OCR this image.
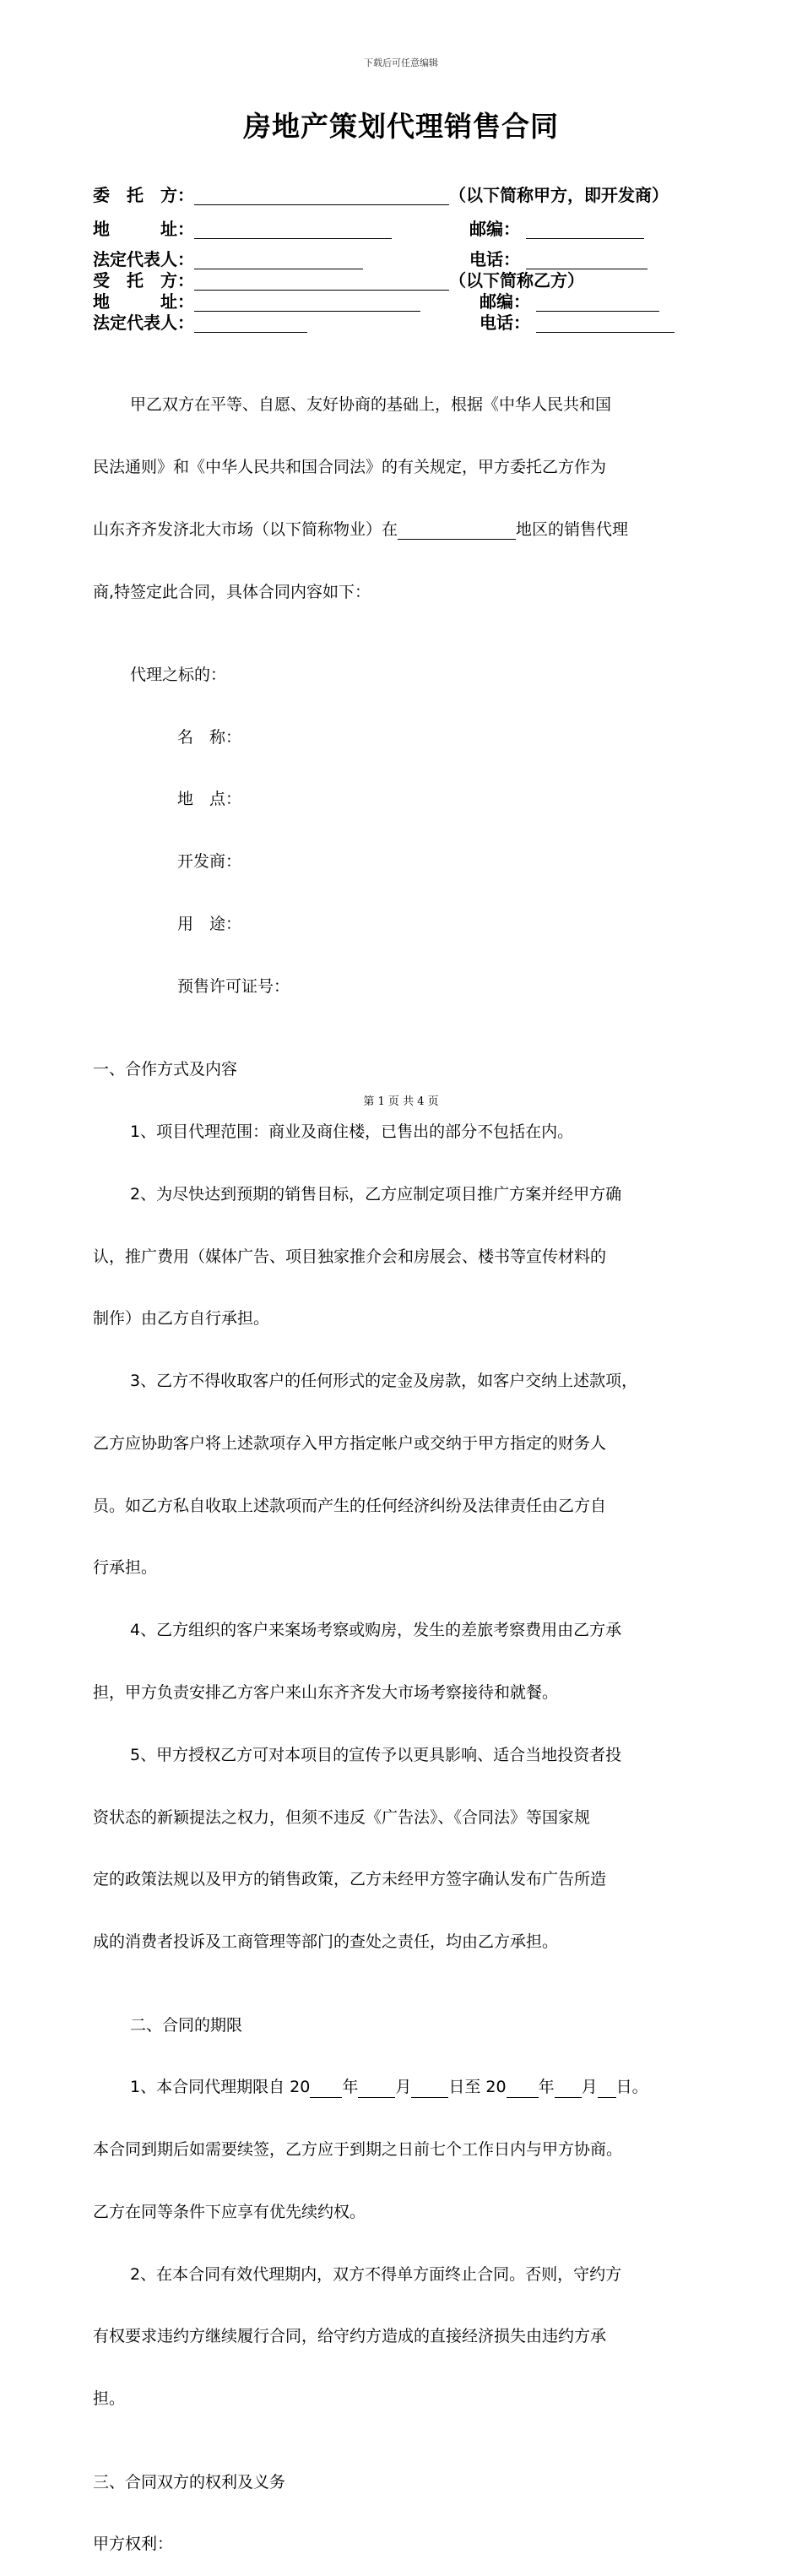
下载后可任意编辑
房地产策划代理销售合同
委　托　方：	（以下简称甲方，即开发商）
地　　　址：	邮编：
法定代表人：	电话：
受　托　方：	（以下简称乙方）
地　　　址：	邮编：
法定代表人：	电话：

甲乙双方在平等、自愿、友好协商的基础上，根据《中华人民共和国

民法通则》和《中华人民共和国合同法》的有关规定，甲方委托乙方作为

山东齐齐发济北大市场（以下简称物业）在	地区的销售代理

商,特签定此合同，具体合同内容如下：

代理之标的：

名　称：

地　点：

开发商：

用　途：

预售许可证号：

一、合作方式及内容

1、项目代理范围：商业及商住楼，已售出的部分不包括在内。

2、为尽快达到预期的销售目标，乙方应制定项目推广方案并经甲方确

认，推广费用（媒体广告、项目独家推介会和房展会、楼书等宣传材料的

制作）由乙方自行承担。

3、乙方不得收取客户的任何形式的定金及房款，如客户交纳上述款项，

乙方应协助客户将上述款项存入甲方指定帐户或交纳于甲方指定的财务人

员。如乙方私自收取上述款项而产生的任何经济纠纷及法律责任由乙方自

行承担。

4、乙方组织的客户来案场考察或购房，发生的差旅考察费用由乙方承

担，甲方负责安排乙方客户来山东齐齐发大市场考察接待和就餐。

5、甲方授权乙方可对本项目的宣传予以更具影响、适合当地投资者投

资状态的新颖提法之权力，但须不违反《广告法》、《合同法》等国家规

定的政策法规以及甲方的销售政策，乙方未经甲方签字确认发布广告所造

成的消费者投诉及工商管理等部门的查处之责任，均由乙方承担。

二、合同的期限

1、本合同代理期限自 20 年 月 日至 20 年 月 日。

本合同到期后如需要续签，乙方应于到期之日前七个工作日内与甲方协商。

乙方在同等条件下应享有优先续约权。

2、在本合同有效代理期内，双方不得单方面终止合同。否则，守约方

有权要求违约方继续履行合同，给守约方造成的直接经济损失由违约方承

担。

三、合同双方的权利及义务

甲方权利：

第 1 页 共 4 页
